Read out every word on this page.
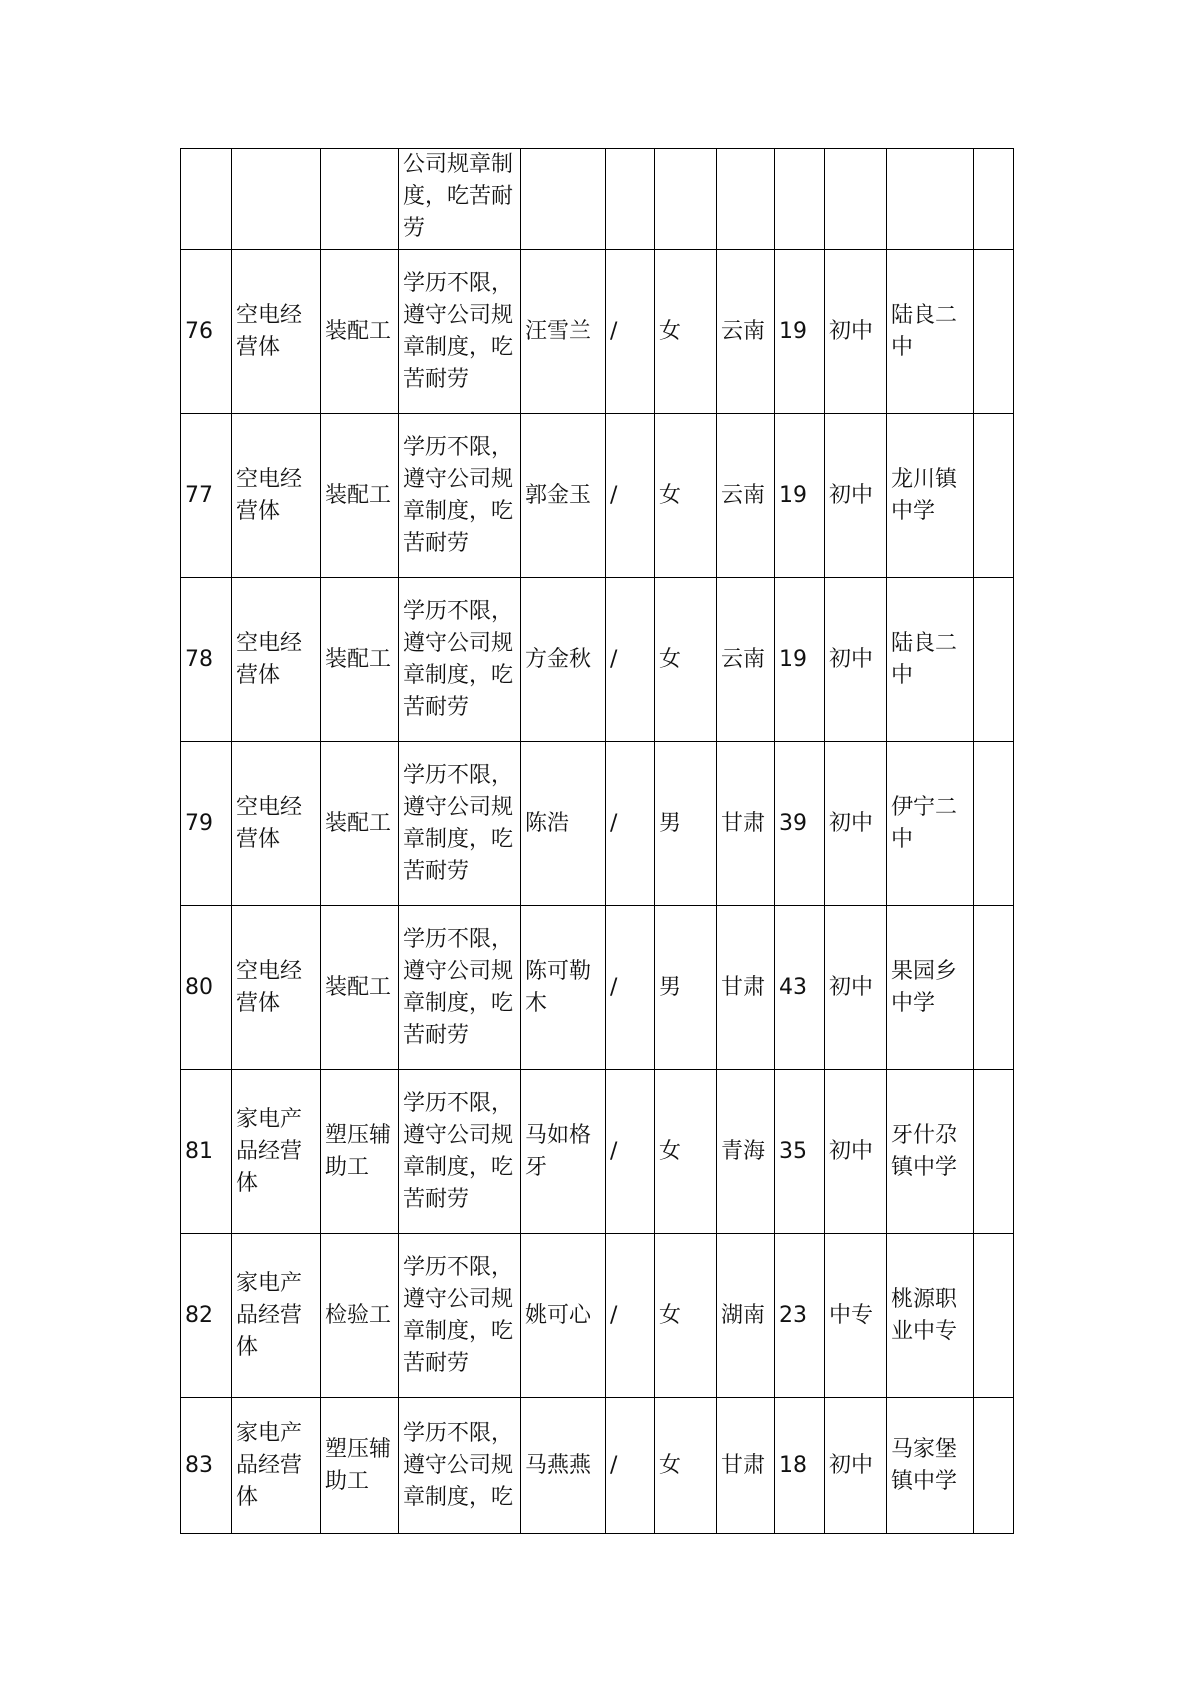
			公司规章制度，吃苦耐劳								
76	空电经营体	装配工	学历不限，遵守公司规章制度，吃苦耐劳	汪雪兰	/	女	云南	19	初中	陆良二中	
77	空电经营体	装配工	学历不限，遵守公司规章制度，吃苦耐劳	郭金玉	/	女	云南	19	初中	龙川镇中学	
78	空电经营体	装配工	学历不限，遵守公司规章制度，吃苦耐劳	方金秋	/	女	云南	19	初中	陆良二中	
79	空电经营体	装配工	学历不限，遵守公司规章制度，吃苦耐劳	陈浩	/	男	甘肃	39	初中	伊宁二中	
80	空电经营体	装配工	学历不限，遵守公司规章制度，吃苦耐劳	陈可勒木	/	男	甘肃	43	初中	果园乡中学	
81	家电产品经营体	塑压辅助工	学历不限，遵守公司规章制度，吃苦耐劳	马如格牙	/	女	青海	35	初中	牙什尕镇中学	
82	家电产品经营体	检验工	学历不限，遵守公司规章制度，吃苦耐劳	姚可心	/	女	湖南	23	中专	桃源职业中专	
83	家电产品经营体	塑压辅助工	学历不限，遵守公司规章制度，吃	马燕燕	/	女	甘肃	18	初中	马家堡镇中学	
